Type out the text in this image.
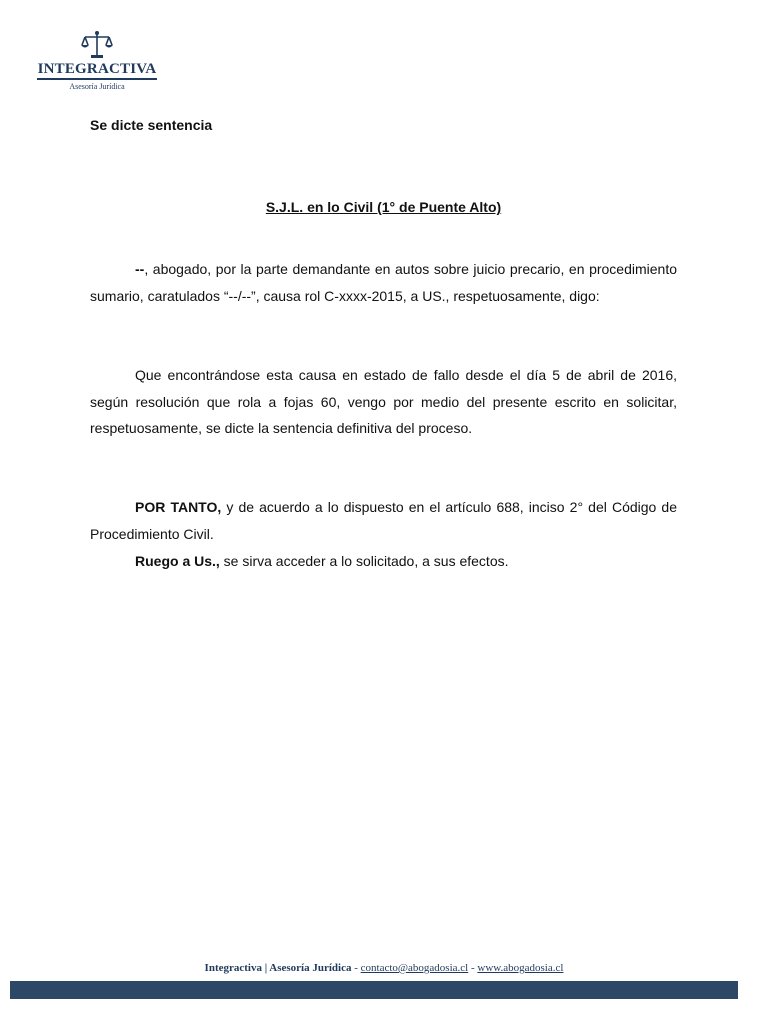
INTEGRACTIVA
Asesoría Jurídica
Se dicte sentencia
S.J.L. en lo Civil (1° de Puente Alto)

--, abogado, por la parte demandante en autos sobre juicio precario, en procedimiento sumario, caratulados “--/--”, causa rol C-xxxx-2015, a US., respetuosamente, digo:

Que encontrándose esta causa en estado de fallo desde el día 5 de abril de 2016, según resolución que rola a fojas 60, vengo por medio del presente escrito en solicitar, respetuosamente, se dicte la sentencia definitiva del proceso.

POR TANTO, y de acuerdo a lo dispuesto en el artículo 688, inciso 2° del Código de Procedimiento Civil.

Ruego a Us., se sirva acceder a lo solicitado, a sus efectos.

Integractiva | Asesoría Jurídica - contacto@abogadosia.cl - www.abogadosia.cl
